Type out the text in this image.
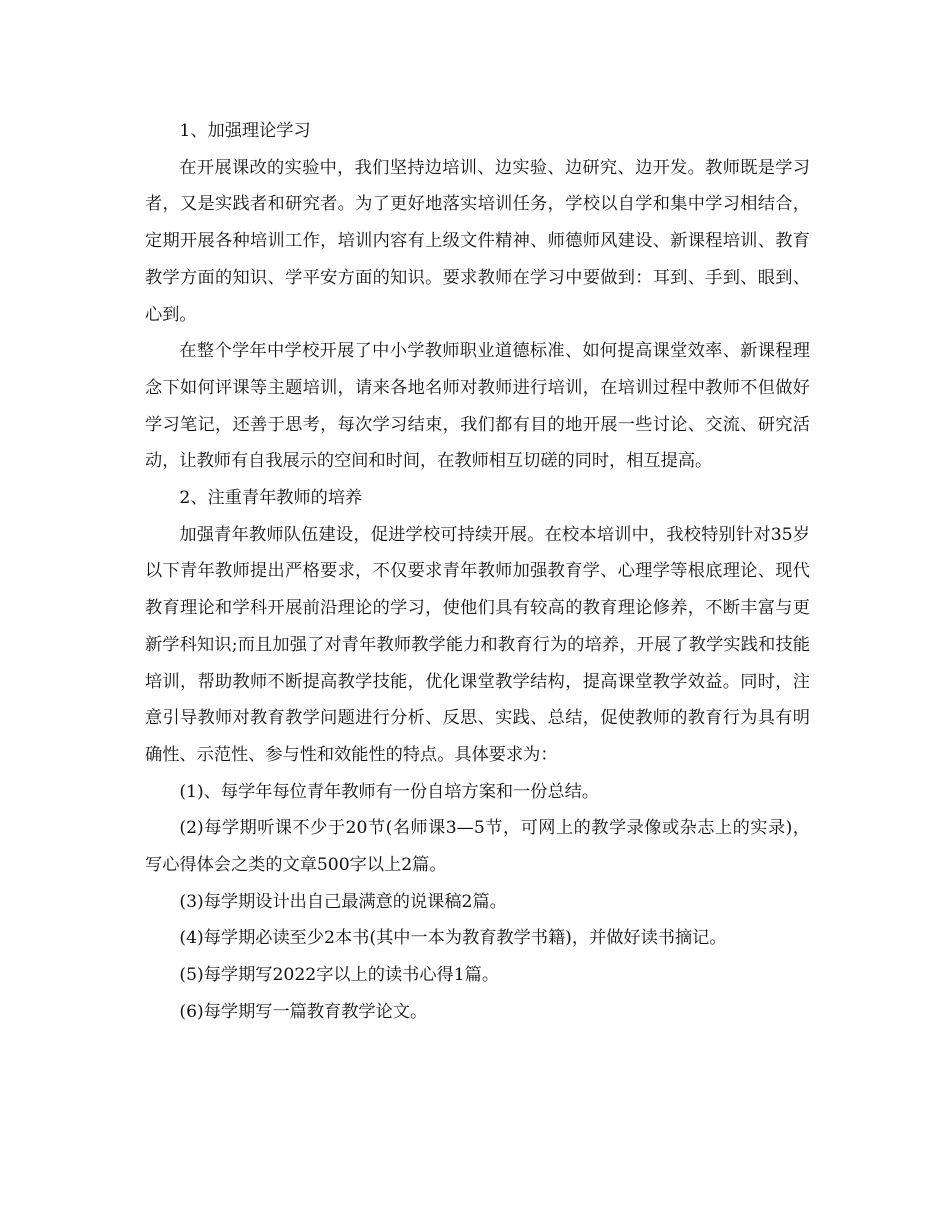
1、加强理论学习

在开展课改的实验中，我们坚持边培训、边实验、边研究、边开发。教师既是学习者，又是实践者和研究者。为了更好地落实培训任务，学校以自学和集中学习相结合，定期开展各种培训工作，培训内容有上级文件精神、师德师风建设、新课程培训、教育教学方面的知识、学平安方面的知识。要求教师在学习中要做到：耳到、手到、眼到、心到。

在整个学年中学校开展了中小学教师职业道德标准、如何提高课堂效率、新课程理念下如何评课等主题培训，请来各地名师对教师进行培训，在培训过程中教师不但做好学习笔记，还善于思考，每次学习结束，我们都有目的地开展一些讨论、交流、研究活动，让教师有自我展示的空间和时间，在教师相互切磋的同时，相互提高。

2、注重青年教师的培养

加强青年教师队伍建设，促进学校可持续开展。在校本培训中，我校特别针对35岁以下青年教师提出严格要求，不仅要求青年教师加强教育学、心理学等根底理论、现代教育理论和学科开展前沿理论的学习，使他们具有较高的教育理论修养，不断丰富与更新学科知识;而且加强了对青年教师教学能力和教育行为的培养，开展了教学实践和技能培训，帮助教师不断提高教学技能，优化课堂教学结构，提高课堂教学效益。同时，注意引导教师对教育教学问题进行分析、反思、实践、总结，促使教师的教育行为具有明确性、示范性、参与性和效能性的特点。具体要求为：

(1)、每学年每位青年教师有一份自培方案和一份总结。

(2)每学期听课不少于20节(名师课3—5节，可网上的教学录像或杂志上的实录)，写心得体会之类的文章500字以上2篇。

(3)每学期设计出自己最满意的说课稿2篇。

(4)每学期必读至少2本书(其中一本为教育教学书籍)，并做好读书摘记。

(5)每学期写2022字以上的读书心得1篇。

(6)每学期写一篇教育教学论文。
